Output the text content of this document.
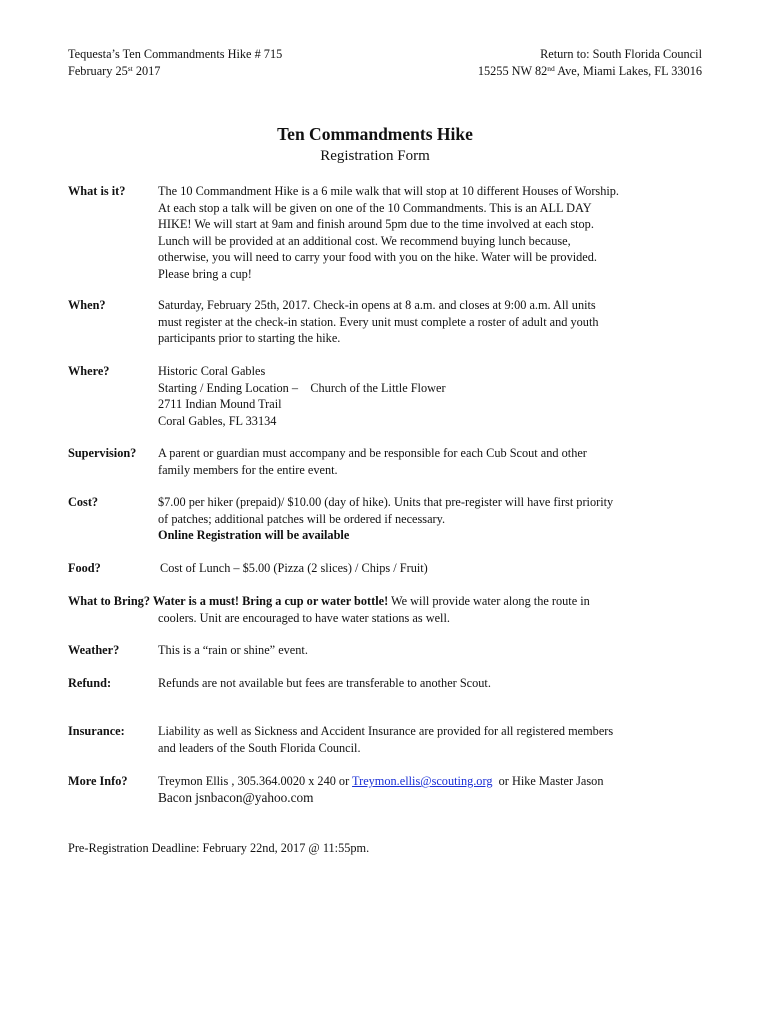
Tequesta’s Ten Commandments Hike # 715
February 25st 2017
Return to: South Florida Council
15255 NW 82nd Ave, Miami Lakes, FL 33016
Ten Commandments Hike
Registration Form
What is it?	The 10 Commandment Hike is a 6 mile walk that will stop at 10 different Houses of Worship.
At each stop a talk will be given on one of the 10 Commandments. This is an ALL DAY
HIKE! We will start at 9am and finish around 5pm due to the time involved at each stop.
Lunch will be provided at an additional cost. We recommend buying lunch because,
otherwise, you will need to carry your food with you on the hike. Water will be provided.
Please bring a cup!
When?	Saturday, February 25th, 2017. Check-in opens at 8 a.m. and closes at 9:00 a.m. All units
must register at the check-in station. Every unit must complete a roster of adult and youth
participants prior to starting the hike.
Where?	Historic Coral Gables
Starting / Ending Location –    Church of the Little Flower
2711 Indian Mound Trail
Coral Gables, FL 33134
Supervision? A parent or guardian must accompany and be responsible for each Cub Scout and other
family members for the entire event.
Cost?	$7.00 per hiker (prepaid)/ $10.00 (day of hike). Units that pre-register will have first priority
of patches; additional patches will be ordered if necessary.
Online Registration will be available
Food?	Cost of Lunch – $5.00 (Pizza (2 slices) / Chips / Fruit)
What to Bring? Water is a must! Bring a cup or water bottle! We will provide water along the route in
coolers. Unit are encouraged to have water stations as well.
Weather?	This is a “rain or shine” event.
Refund:	Refunds are not available but fees are transferable to another Scout.
Insurance:	Liability as well as Sickness and Accident Insurance are provided for all registered members
and leaders of the South Florida Council.
More Info? Treymon Ellis , 305.364.0020 x 240 or Treymon.ellis@scouting.org  or Hike Master Jason
Bacon jsnbacon@yahoo.com
Pre-Registration Deadline: February 22nd, 2017 @ 11:55pm.
